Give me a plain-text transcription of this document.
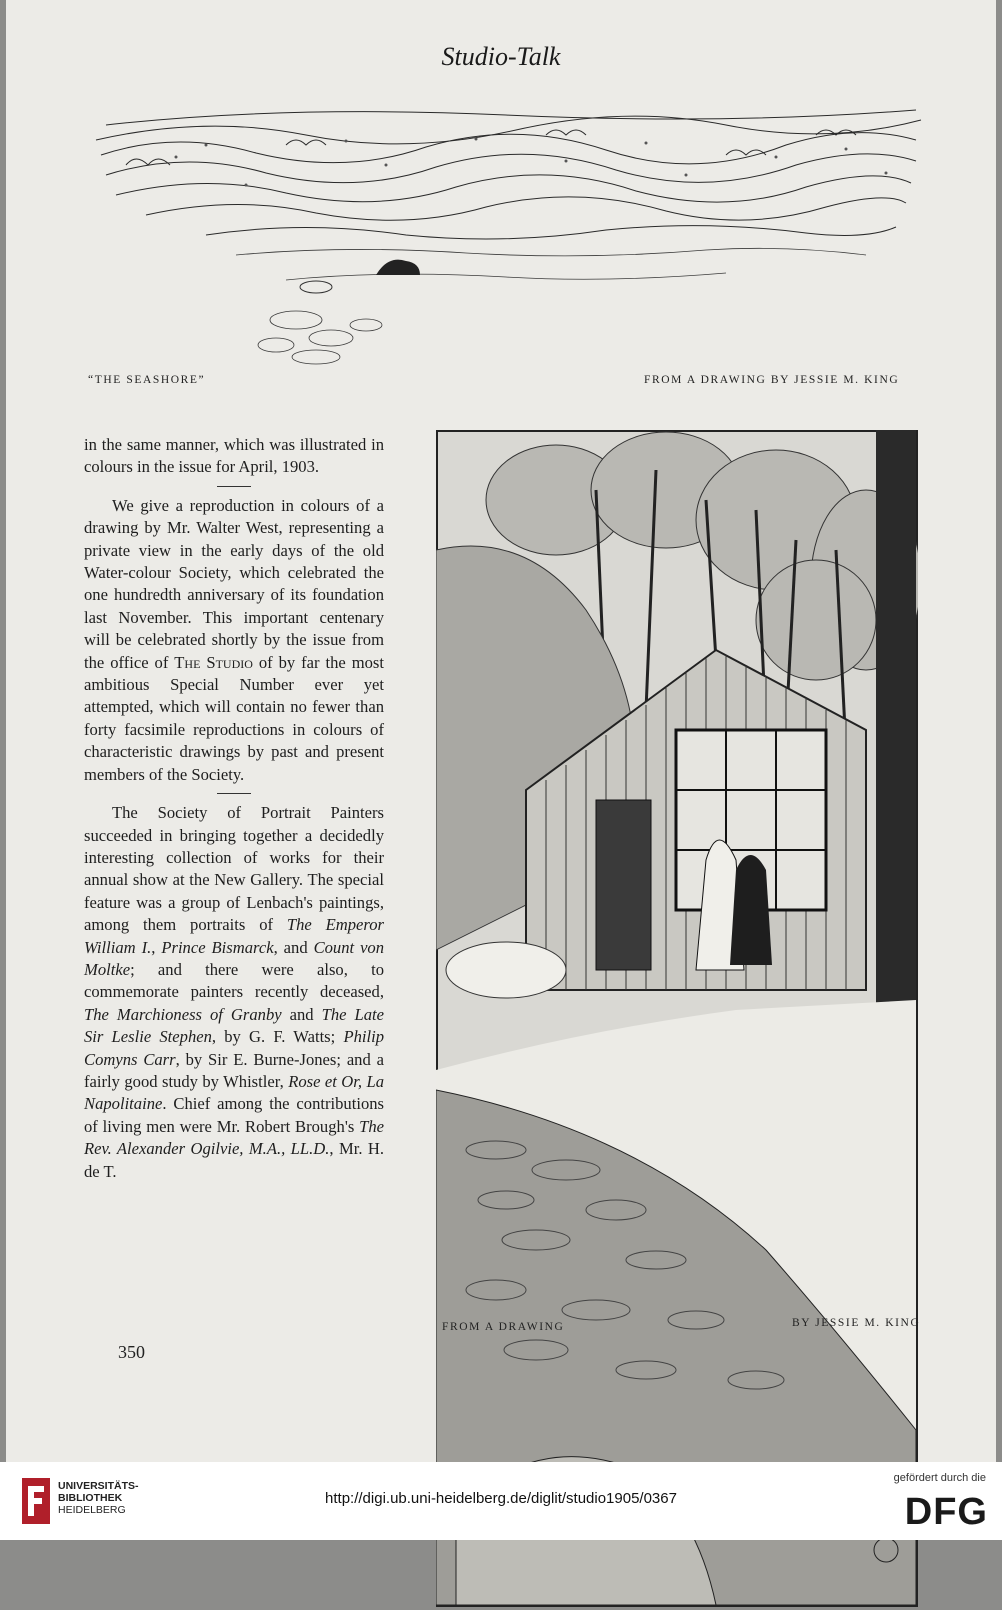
Studio-Talk
“THE SEASHORE”	FROM A DRAWING BY JESSIE M. KING

in the same manner, which was illustrated in colours in the issue for April, 1903.

We give a reproduction in colours of a drawing by Mr. Walter West, representing a private view in the early days of the old Water-colour Society, which celebrated the one hundredth anniversary of its foundation last November. This important centenary will be celebrated shortly by the issue from the office of The Studio of by far the most ambitious Special Number ever yet attempted, which will contain no fewer than forty facsimile reproductions in colours of characteristic drawings by past and present members of the Society.

The Society of Portrait Painters succeeded in bringing together a decidedly interesting collection of works for their annual show at the New Gallery. The special feature was a group of Lenbach's paintings, among them portraits of The Emperor William I., Prince Bismarck, and Count von Moltke; and there were also, to commemorate painters recently deceased, The Marchioness of Granby and The Late Sir Leslie Stephen, by G. F. Watts; Philip Comyns Carr, by Sir E. Burne-Jones; and a fairly good study by Whistler, Rose et Or, La Napolitaine. Chief among the contributions of living men were Mr. Robert Brough's The Rev. Alexander Ogilvie, M.A., LL.D., Mr. H. de T.

350
FROM A DRAWING	BY JESSIE M. KING
UNIVERSITÄTS-
BIBLIOTHEK
HEIDELBERG
http://digi.ub.uni-heidelberg.de/diglit/studio1905/0367
gefördert durch die
DFG
